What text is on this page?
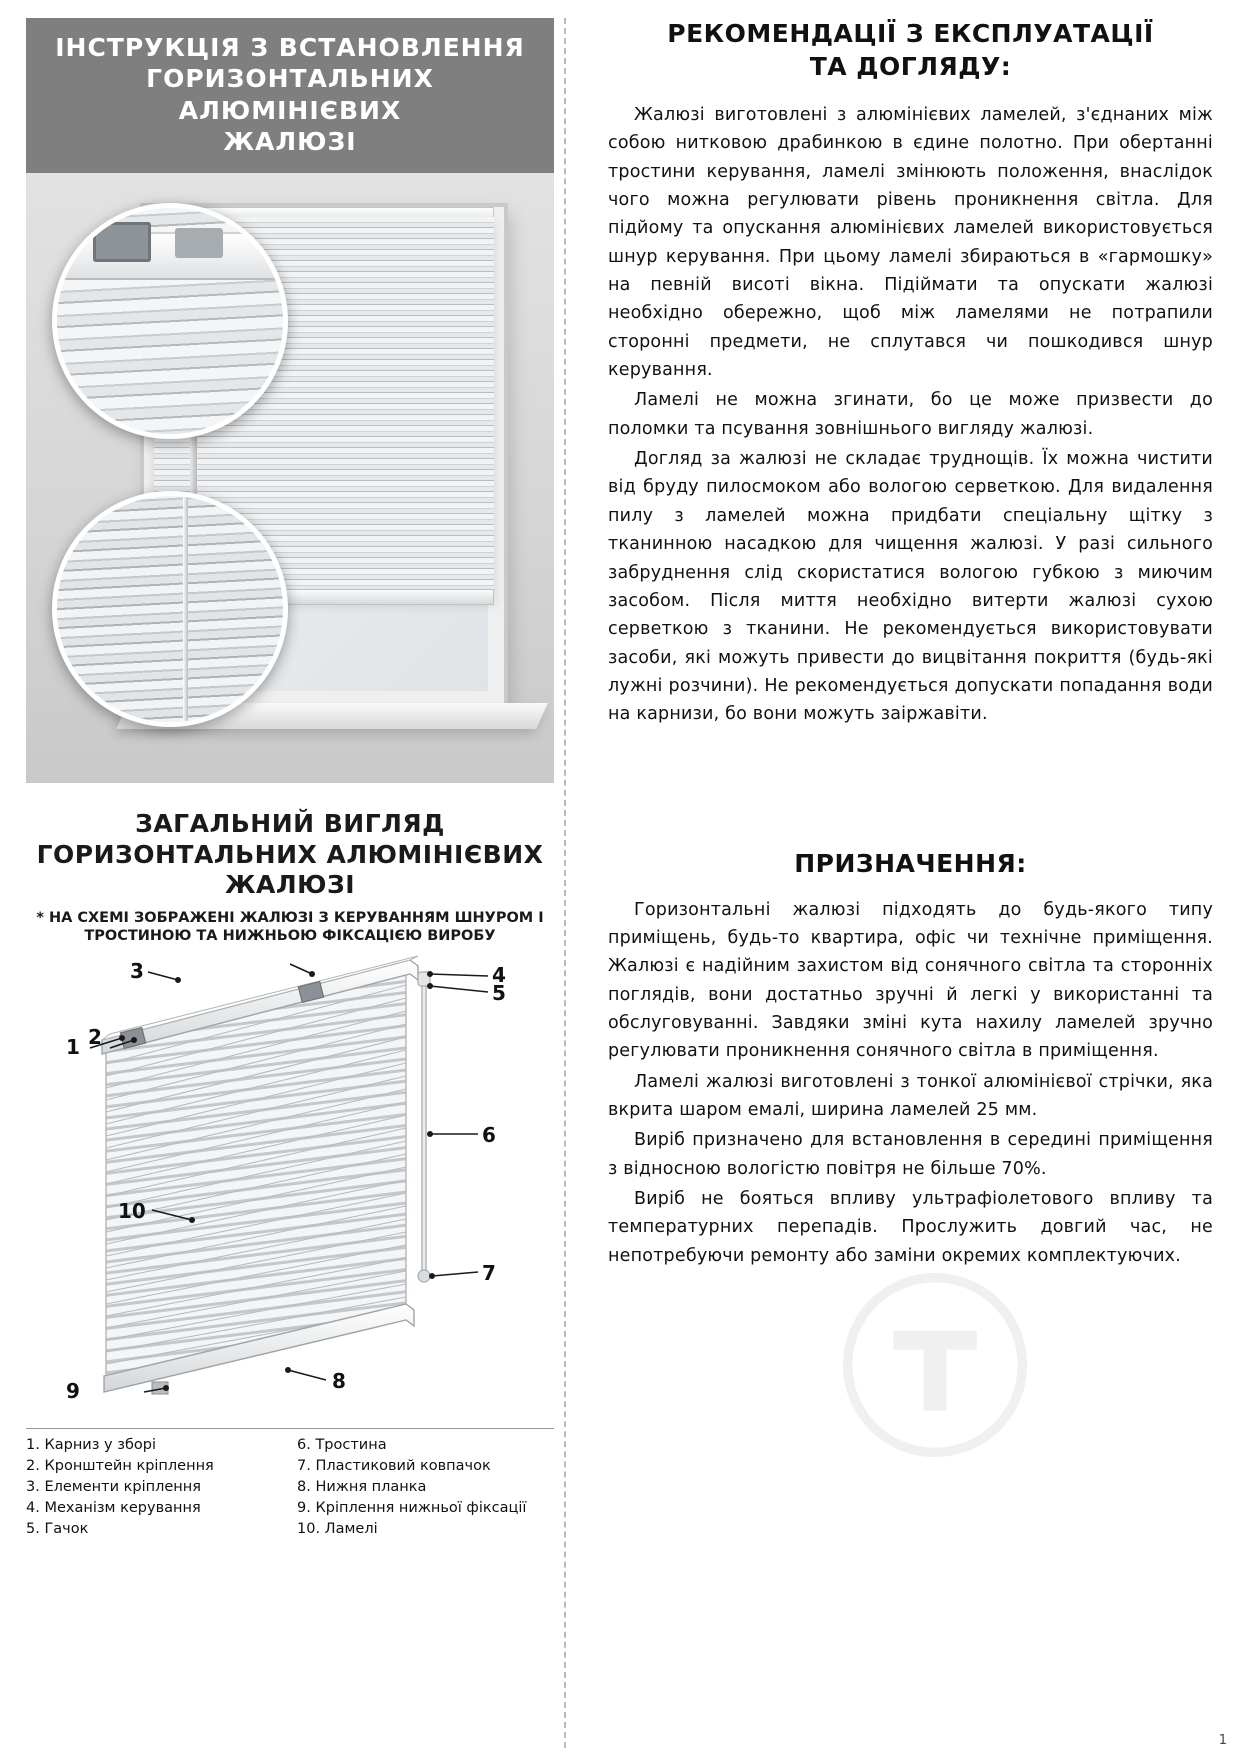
ІНСТРУКЦІЯ З ВСТАНОВЛЕННЯ
ГОРИЗОНТАЛЬНИХ АЛЮМІНІЄВИХ
ЖАЛЮЗІ
ЗАГАЛЬНИЙ ВИГЛЯД
ГОРИЗОНТАЛЬНИХ АЛЮМІНІЄВИХ
ЖАЛЮЗІ
* НА СХЕМІ ЗОБРАЖЕНІ ЖАЛЮЗІ З КЕРУВАННЯМ ШНУРОМ І
ТРОСТИНОЮ ТА НИЖНЬОЮ ФІКСАЦІЄЮ ВИРОБУ
3	4
5
1 2
6
7
10
8
9
1. Карниз у зборі
2. Кронштейн кріплення
3. Елементи кріплення
4. Механізм керування
5. Гачок
6. Тростина
7. Пластиковий ковпачок
8. Нижня планка
9. Кріплення нижньої фіксації
10. Ламелі
РЕКОМЕНДАЦІЇ З ЕКСПЛУАТАЦІЇ
ТА ДОГЛЯДУ:

Жалюзі виготовлені з алюмінієвих ламелей, з'єднаних між собою нитковою драбинкою в єдине полотно. При обертанні тростини керування, ламелі змінюють положення, внаслідок чого можна регулювати рівень проникнення світла. Для підйому та опускання алюмінієвих ламелей використовується шнур керування. При цьому ламелі збираються в «гармошку» на певній висоті вікна. Підіймати та опускати жалюзі необхідно обережно, щоб між ламелями не потрапили сторонні предмети, не сплутався чи пошкодився шнур керування.

Ламелі не можна згинати, бо це може призвести до поломки та псування зовнішнього вигляду жалюзі.

Догляд за жалюзі не складає труднощів. Їх можна чистити від бруду пилосмоком або вологою серветкою. Для видалення пилу з ламелей можна придбати спеціальну щітку з тканинною насадкою для чищення жалюзі. У разі сильного забруднення слід скористатися вологою губкою з миючим засобом. Після миття необхідно витерти жалюзі сухою серветкою з тканини. Не рекомендується використовувати засоби, які можуть привести до вицвітання покриття (будь-які лужні розчини). Не рекомендується допускати попадання води на карнизи, бо вони можуть заіржавіти.

ПРИЗНАЧЕННЯ:

Горизонтальні жалюзі підходять до будь-якого типу приміщень, будь-то квартира, офіс чи технічне приміщення. Жалюзі є надійним захистом від сонячного світла та сторонніх поглядів, вони достатньо зручні й легкі у використанні та обслуговуванні. Завдяки зміні кута нахилу ламелей зручно регулювати проникнення сонячного світла в приміщення.

Ламелі жалюзі виготовлені з тонкої алюмінієвої стрічки, яка вкрита шаром емалі, ширина ламелей 25 мм.

Виріб призначено для встановлення в середині приміщення з відносною вологістю повітря не більше 70%.

Виріб не бояться впливу ультрафіолетового впливу та температурних перепадів. Прослужить довгий час, не непотребуючи ремонту або заміни окремих комплектуючих.

1
